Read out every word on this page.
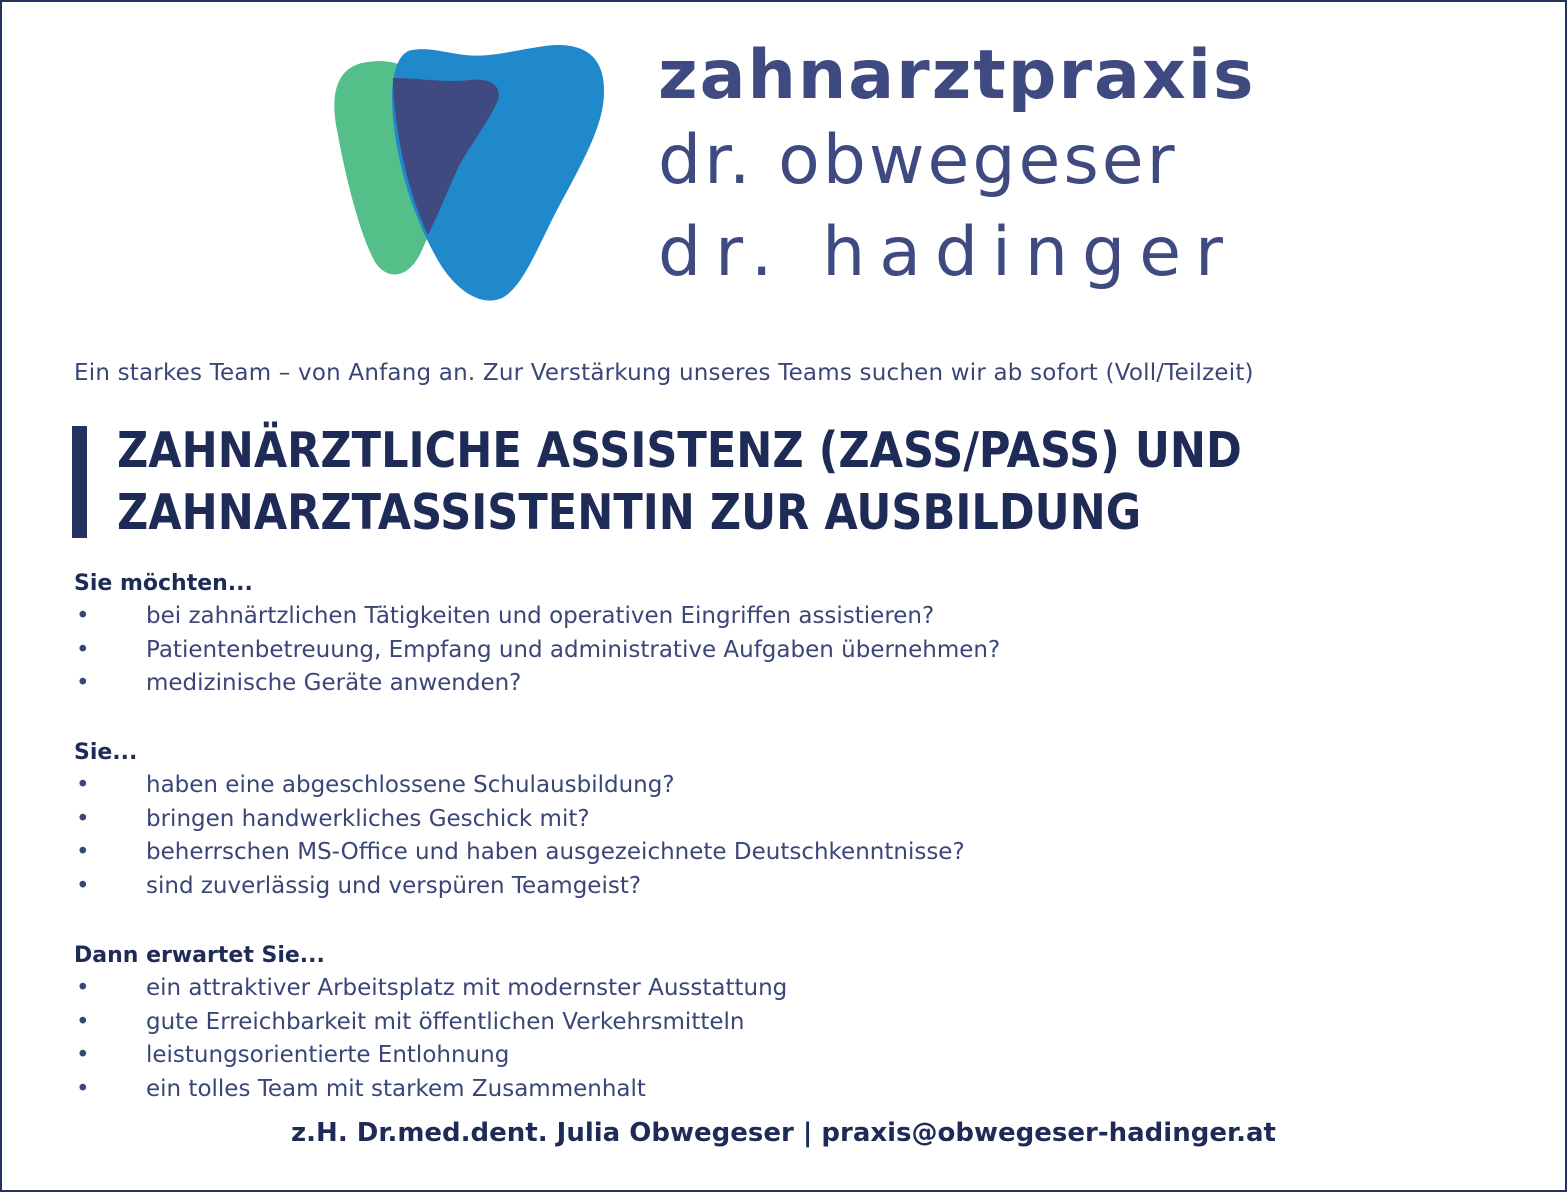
zahnarztpraxis
dr. obwegeser
dr. hadinger
Ein starkes Team – von Anfang an. Zur Verstärkung unseres Teams suchen wir ab sofort (Voll/Teilzeit)
ZAHNÄRZTLICHE ASSISTENZ (ZASS/PASS) UND
ZAHNARZTASSISTENTIN ZUR AUSBILDUNG
Sie möchten...
• bei zahnärtzlichen Tätigkeiten und operativen Eingriffen assistieren?
• Patientenbetreuung, Empfang und administrative Aufgaben übernehmen?
• medizinische Geräte anwenden?
Sie...
• haben eine abgeschlossene Schulausbildung?
• bringen handwerkliches Geschick mit?
• beherrschen MS-Office und haben ausgezeichnete Deutschkenntnisse?
• sind zuverlässig und verspüren Teamgeist?
Dann erwartet Sie...
• ein attraktiver Arbeitsplatz mit modernster Ausstattung
• gute Erreichbarkeit mit öffentlichen Verkehrsmitteln
• leistungsorientierte Entlohnung
• ein tolles Team mit starkem Zusammenhalt
z.H. Dr.med.dent. Julia Obwegeser | praxis@obwegeser-hadinger.at
